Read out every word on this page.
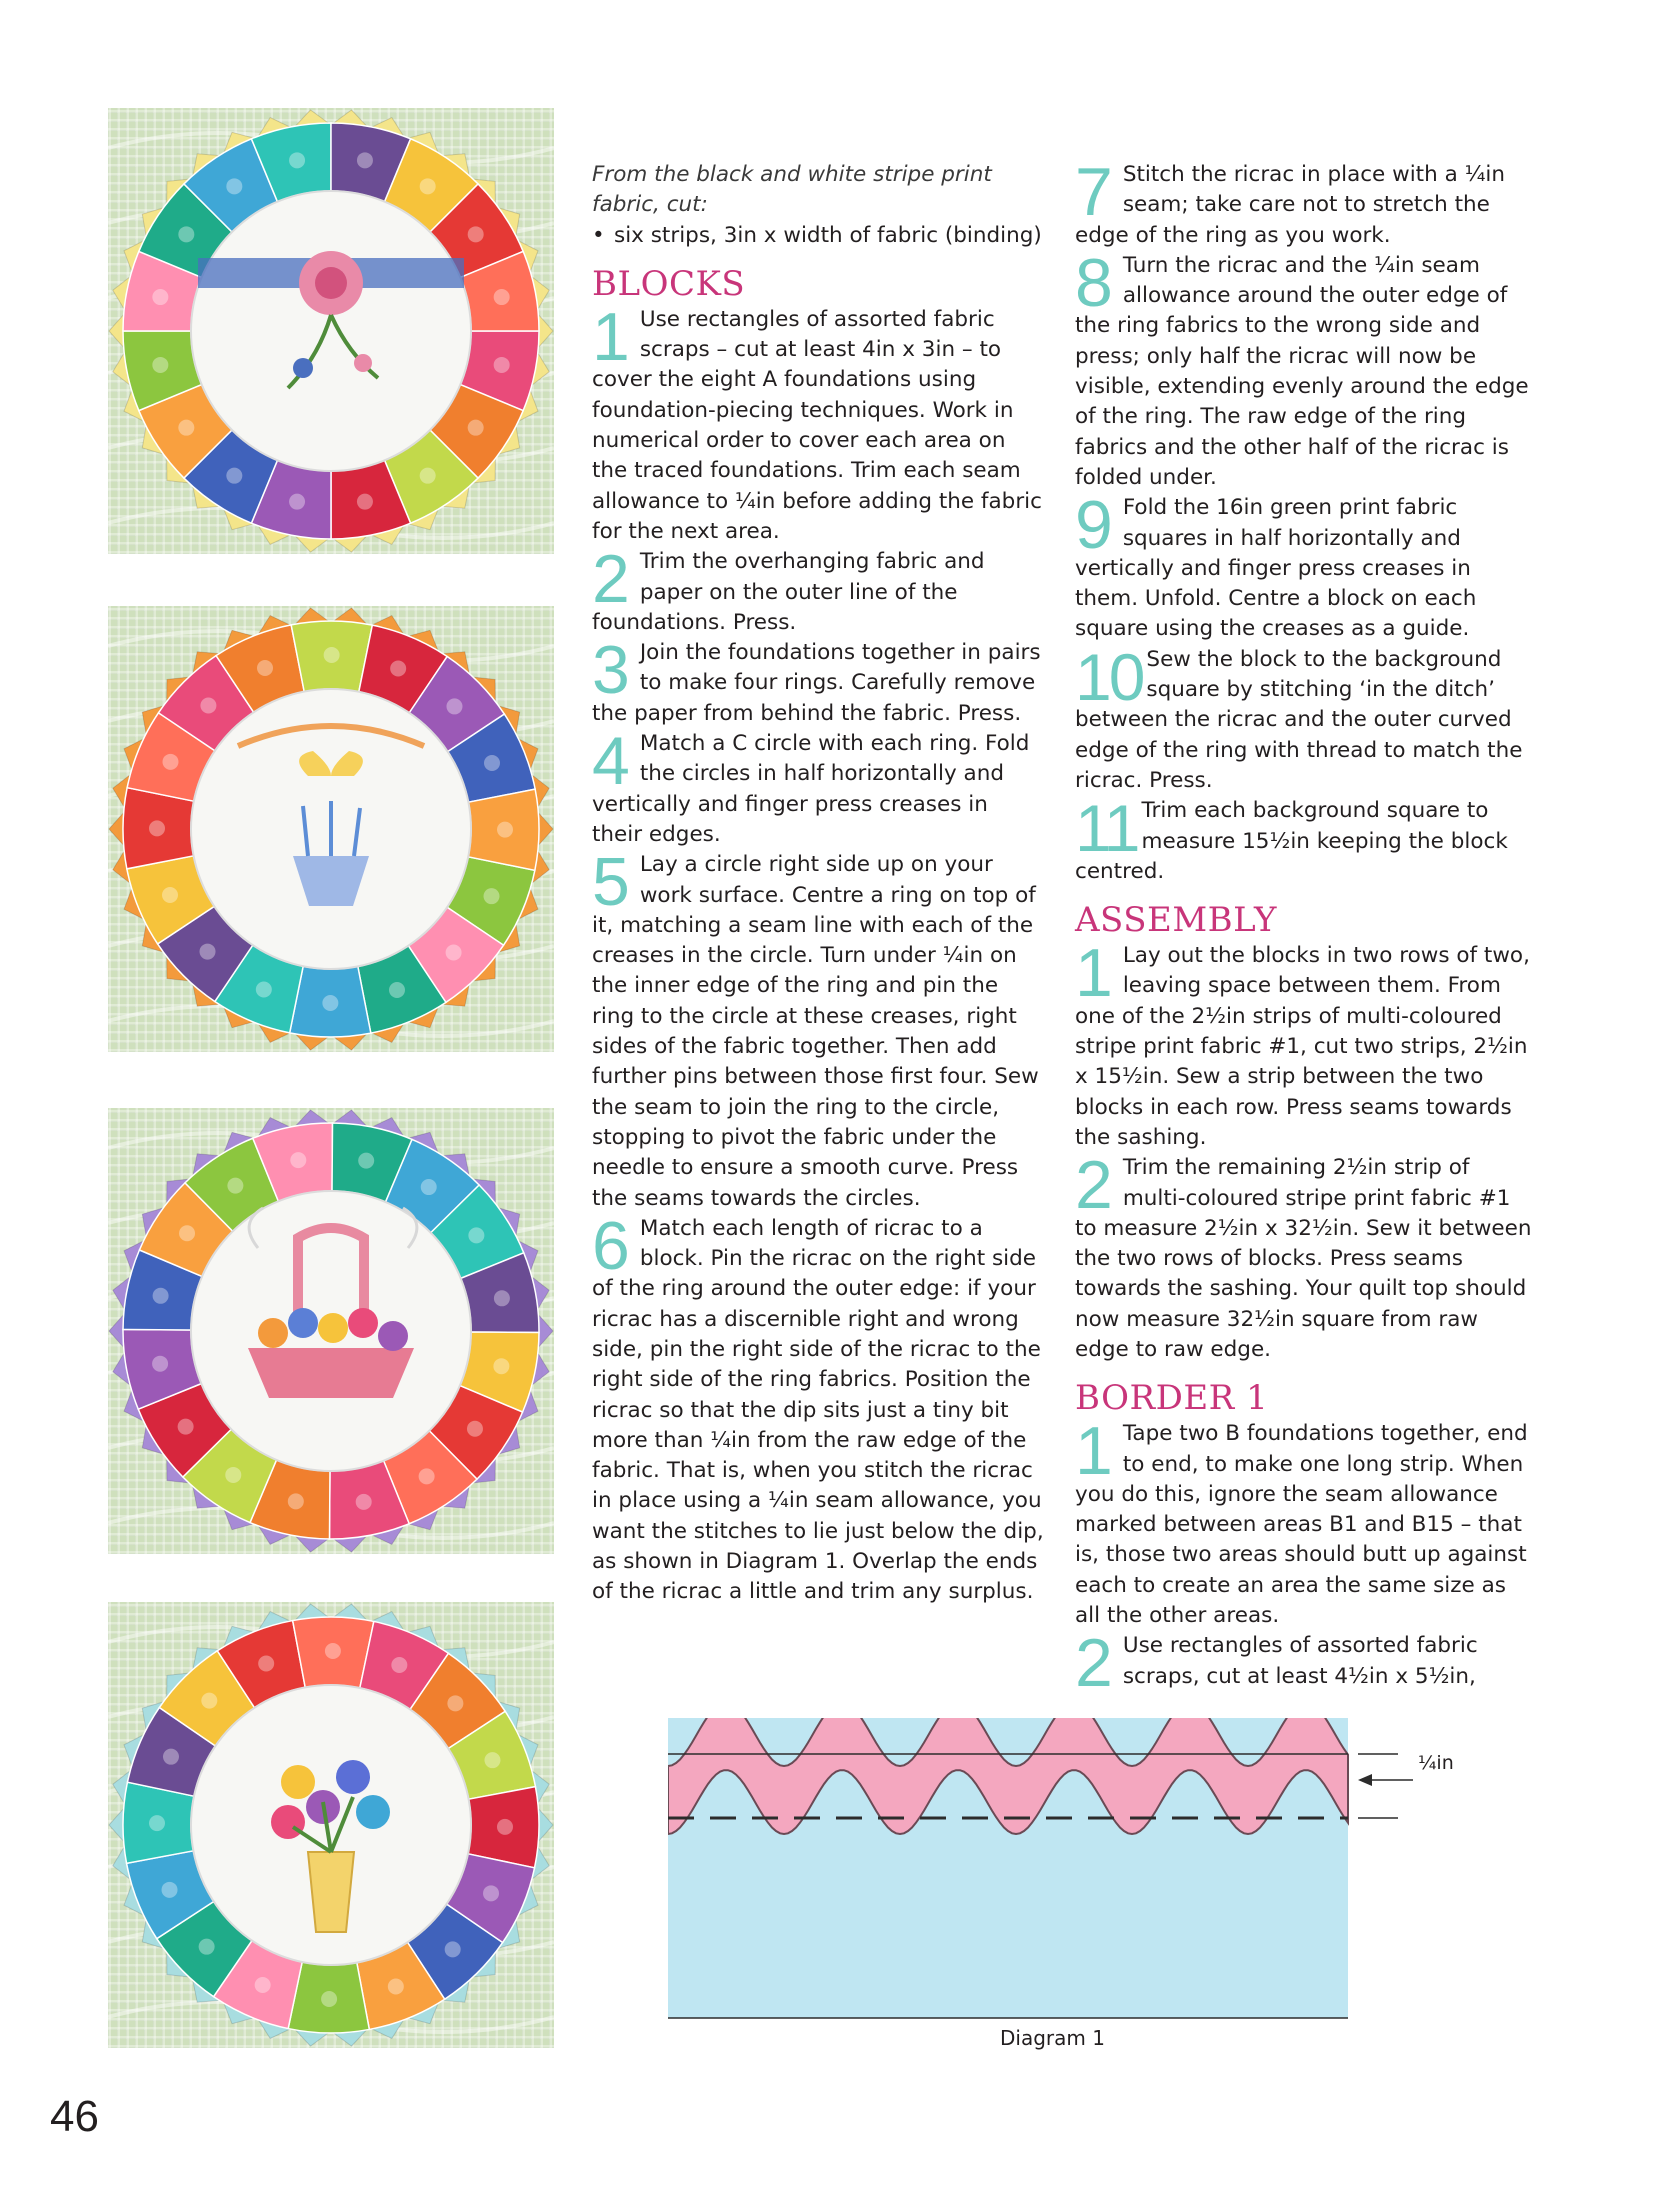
From the black and white stripe print fabric, cut:

• six strips, 3in x width of fabric (binding)

BLOCKS

1 Use rectangles of assorted fabric scraps – cut at least 4in x 3in – to cover the eight A foundations using foundation-piecing techniques. Work in numerical order to cover each area on the traced foundations. Trim each seam allowance to ¼in before adding the fabric for the next area.

2 Trim the overhanging fabric and paper on the outer line of the foundations. Press.

3 Join the foundations together in pairs to make four rings. Carefully remove the paper from behind the fabric. Press.

4 Match a C circle with each ring. Fold the circles in half horizontally and vertically and finger press creases in their edges.

5 Lay a circle right side up on your work surface. Centre a ring on top of it, matching a seam line with each of the creases in the circle. Turn under ¼in on the inner edge of the ring and pin the ring to the circle at these creases, right sides of the fabric together. Then add further pins between those first four. Sew the seam to join the ring to the circle, stopping to pivot the fabric under the needle to ensure a smooth curve. Press the seams towards the circles.

6 Match each length of ricrac to a block. Pin the ricrac on the right side of the ring around the outer edge: if your ricrac has a discernible right and wrong side, pin the right side of the ricrac to the right side of the ring fabrics. Position the ricrac so that the dip sits just a tiny bit more than ¼in from the raw edge of the fabric. That is, when you stitch the ricrac in place using a ¼in seam allowance, you want the stitches to lie just below the dip, as shown in Diagram 1. Overlap the ends of the ricrac a little and trim any surplus.

7 Stitch the ricrac in place with a ¼in seam; take care not to stretch the edge of the ring as you work.

8 Turn the ricrac and the ¼in seam allowance around the outer edge of the ring fabrics to the wrong side and press; only half the ricrac will now be visible, extending evenly around the edge of the ring. The raw edge of the ring fabrics and the other half of the ricrac is folded under.

9 Fold the 16in green print fabric squares in half horizontally and vertically and finger press creases in them. Unfold. Centre a block on each square using the creases as a guide.

10 Sew the block to the background square by stitching ‘in the ditch’ between the ricrac and the outer curved edge of the ring with thread to match the ricrac. Press.

11 Trim each background square to measure 15½in keeping the block centred.

ASSEMBLY

1 Lay out the blocks in two rows of two, leaving space between them. From one of the 2½in strips of multi-coloured stripe print fabric #1, cut two strips, 2½in x 15½in. Sew a strip between the two blocks in each row. Press seams towards the sashing.

2 Trim the remaining 2½in strip of multi-coloured stripe print fabric #1 to measure 2½in x 32½in. Sew it between the two rows of blocks. Press seams towards the sashing. Your quilt top should now measure 32½in square from raw edge to raw edge.

BORDER 1

1 Tape two B foundations together, end to end, to make one long strip. When you do this, ignore the seam allowance marked between areas B1 and B15 – that is, those two areas should butt up against each to create an area the same size as all the other areas.

2 Use rectangles of assorted fabric scraps, cut at least 4½in x 5½in,

¼in
Diagram 1
46
